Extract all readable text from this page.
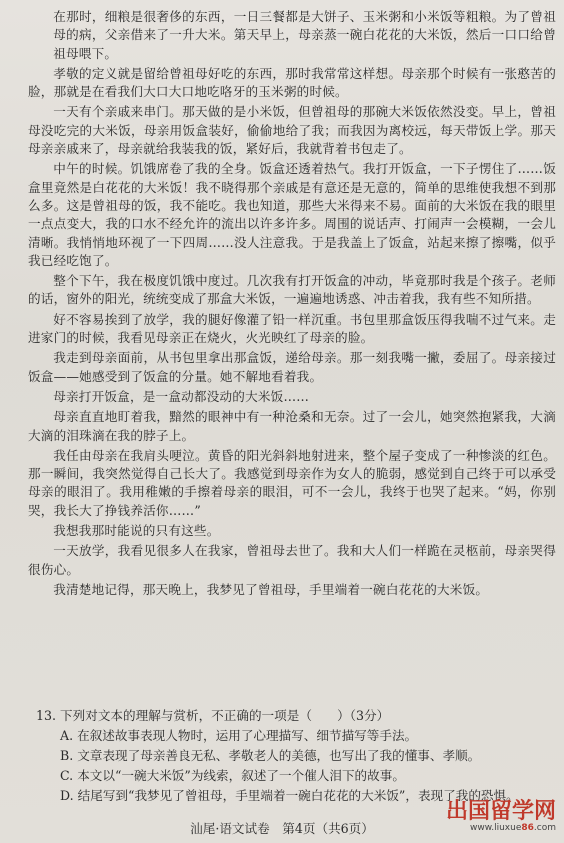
在那时，细粮是很奢侈的东西，一日三餐都是大饼子、玉米粥和小米饭等粗粮。为了曾祖母的病，父亲借来了一升大米。第天早上，母亲蒸一碗白花花的大米饭，然后一口口给曾祖母喂下。

孝敬的定义就是留给曾祖母好吃的东西，那时我常常这样想。母亲那个时候有一张憨苦的脸，那就是在看我们大口大口地吃咯牙的玉米粥的时候。

一天有个亲戚来串门。那天做的是小米饭，但曾祖母的那碗大米饭依然没变。早上，曾祖母没吃完的大米饭，母亲用饭盒装好，偷偷地给了我；而我因为离校远，每天带饭上学。那天母亲亲戚来了，母亲就给我装我的饭，紧好后，我就背着书包走了。

中午的时候。饥饿席卷了我的全身。饭盒还透着热气。我打开饭盒，一下子愣住了……饭盒里竟然是白花花的大米饭！我不晓得那个亲戚是有意还是无意的，简单的思维使我想不到那么多。这是曾祖母的饭，我不能吃。我也知道，那些大米得来不易。面前的大米饭在我的眼里一点点变大，我的口水不经允许的流出以许多许多。周围的说话声、打闹声一会模糊，一会儿清晰。我悄悄地环视了一下四周……没人注意我。于是我盖上了饭盒，站起来擦了擦嘴，似乎我已经吃饱了。

整个下午，我在极度饥饿中度过。几次我有打开饭盒的冲动，毕竟那时我是个孩子。老师的话，窗外的阳光，统统变成了那盒大米饭，一遍遍地诱惑、冲击着我，我有些不知所措。

好不容易挨到了放学，我的腿好像灌了铅一样沉重。书包里那盒饭压得我喘不过气来。走进家门的时候，我看见母亲正在烧火，火光映红了母亲的脸。

我走到母亲面前，从书包里拿出那盒饭，递给母亲。那一刻我嘴一撇，委屈了。母亲接过饭盒——她感受到了饭盒的分量。她不解地看着我。

母亲打开饭盒，是一盒动都没动的大米饭……

母亲直直地盯着我，黯然的眼神中有一种沧桑和无奈。过了一会儿，她突然抱紧我，大滴大滴的泪珠滴在我的脖子上。

我任由母亲在我肩头哽泣。黄昏的阳光斜斜地射进来，整个屋子变成了一种惨淡的红色。那一瞬间，我突然觉得自己长大了。我感觉到母亲作为女人的脆弱，感觉到自己终于可以承受母亲的眼泪了。我用稚嫩的手擦着母亲的眼泪，可不一会儿，我终于也哭了起来。“妈，你别哭，我长大了挣钱养活你……”

我想我那时能说的只有这些。

一天放学，我看见很多人在我家，曾祖母去世了。我和大人们一样跪在灵柩前，母亲哭得很伤心。

我清楚地记得，那天晚上，我梦见了曾祖母，手里端着一碗白花花的大米饭。

13. 下列对文本的理解与赏析，不正确的一项是（　　）（3分）

A. 在叙述故事表现人物时，运用了心理描写、细节描写等手法。

B. 文章表现了母亲善良无私、孝敬老人的美德，也写出了我的懂事、孝顺。

C. 本文以“一碗大米饭”为线索，叙述了一个催人泪下的故事。

D. 结尾写到“我梦见了曾祖母，手里端着一碗白花花的大米饭”，表现了我的恐惧。

汕尾·语文试卷　第4页（共6页）
出国留学网
www.liuxue86.com
